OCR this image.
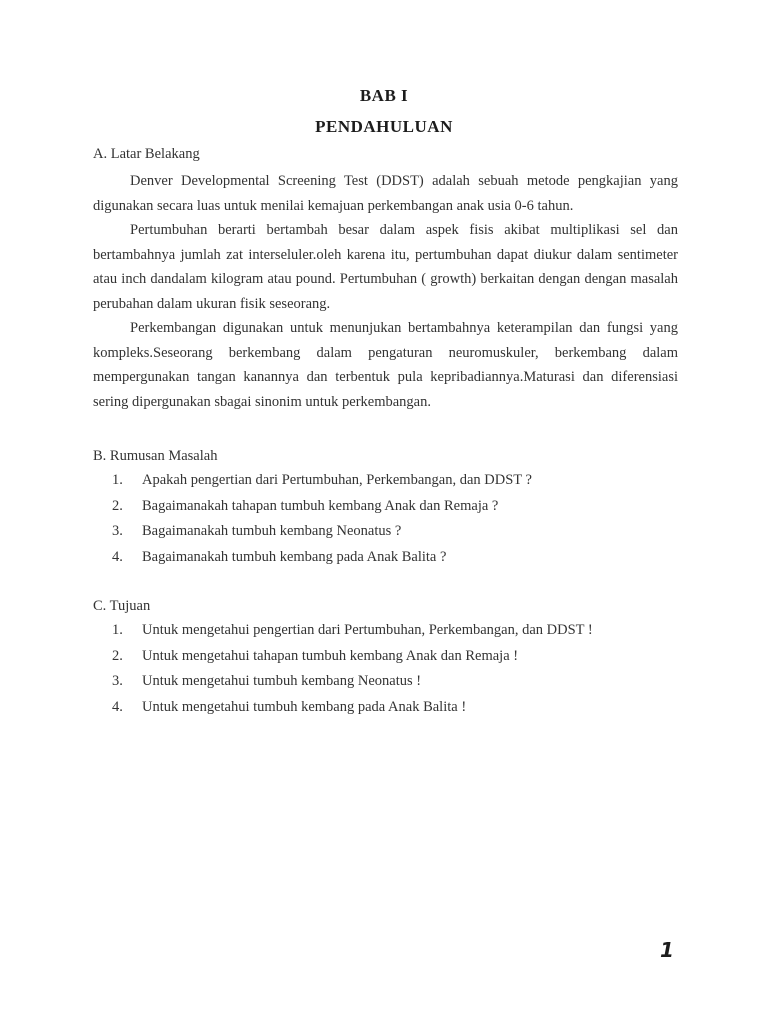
BAB I
PENDAHULUAN
A. Latar Belakang
Denver Developmental Screening Test (DDST) adalah sebuah metode pengkajian yang digunakan secara luas untuk menilai kemajuan perkembangan anak usia 0-6 tahun.
Pertumbuhan berarti bertambah besar dalam aspek fisis akibat multiplikasi sel dan bertambahnya jumlah zat interseluler.oleh karena itu, pertumbuhan dapat diukur dalam sentimeter atau inch dandalam kilogram atau pound. Pertumbuhan ( growth) berkaitan dengan dengan masalah perubahan dalam ukuran fisik seseorang.
Perkembangan digunakan untuk menunjukan bertambahnya keterampilan dan fungsi yang kompleks.Seseorang berkembang dalam pengaturan neuromuskuler, berkembang dalam mempergunakan tangan kanannya dan terbentuk pula kepribadiannya.Maturasi dan diferensiasi sering dipergunakan sbagai sinonim untuk perkembangan.
B. Rumusan Masalah
1. Apakah pengertian dari Pertumbuhan, Perkembangan, dan DDST ?
2. Bagaimanakah tahapan tumbuh kembang Anak dan Remaja ?
3. Bagaimanakah tumbuh kembang Neonatus ?
4. Bagaimanakah tumbuh kembang pada Anak Balita ?
C. Tujuan
1. Untuk mengetahui pengertian dari Pertumbuhan, Perkembangan, dan DDST !
2. Untuk mengetahui tahapan tumbuh kembang Anak dan Remaja !
3. Untuk mengetahui tumbuh kembang Neonatus !
4. Untuk mengetahui tumbuh kembang pada Anak Balita !
1
